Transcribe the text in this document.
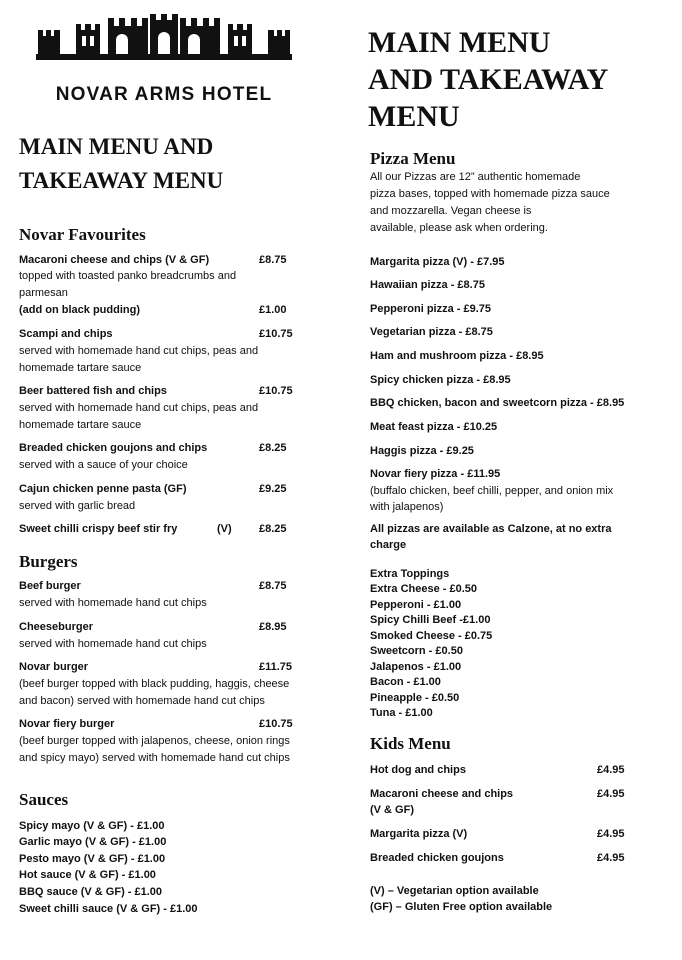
NOVAR ARMS HOTEL
MAIN MENU AND
TAKEAWAY MENU
Novar Favourites
Macaroni cheese and chips (V & GF)	£8.75
topped with toasted panko breadcrumbs and parmesan
(add on black pudding)	£1.00
Scampi and chips	£10.75
served with homemade hand cut chips, peas and homemade tartare sauce
Beer battered fish and chips	£10.75
served with homemade hand cut chips, peas and homemade tartare sauce
Breaded chicken goujons and chips	£8.25
served with a sauce of your choice
Cajun chicken penne pasta (GF)	£9.25
served with garlic bread
Sweet chilli crispy beef stir fry	(V) £8.25
Burgers
Beef burger	£8.75
served with homemade hand cut chips
Cheeseburger	£8.95
served with homemade hand cut chips
Novar burger	£11.75
(beef burger topped with black pudding, haggis, cheese and bacon) served with homemade hand cut chips
Novar fiery burger	£10.75
(beef burger topped with jalapenos, cheese, onion rings and spicy mayo) served with homemade hand cut chips
Sauces
Spicy mayo (V & GF) - £1.00
Garlic mayo (V & GF) - £1.00
Pesto mayo (V & GF) - £1.00
Hot sauce (V & GF) - £1.00
BBQ sauce (V & GF) - £1.00
Sweet chilli sauce (V & GF) - £1.00
MAIN MENU
AND TAKEAWAY
MENU
Pizza Menu
All our Pizzas are 12” authentic homemade
pizza bases, topped with homemade pizza sauce
and mozzarella. Vegan cheese is
available, please ask when ordering.
Margarita pizza (V) - £7.95
Hawaiian pizza - £8.75
Pepperoni pizza - £9.75
Vegetarian pizza - £8.75
Ham and mushroom pizza - £8.95
Spicy chicken pizza - £8.95
BBQ chicken, bacon and sweetcorn pizza - £8.95
Meat feast pizza - £10.25
Haggis pizza - £9.25
Novar fiery pizza - £11.95
(buffalo chicken, beef chilli, pepper, and onion mix
with jalapenos)
All pizzas are available as Calzone, at no extra
charge
Extra Toppings
Extra Cheese - £0.50
Pepperoni - £1.00
Spicy Chilli Beef -£1.00
Smoked Cheese - £0.75
Sweetcorn - £0.50
Jalapenos - £1.00
Bacon - £1.00
Pineapple - £0.50
Tuna - £1.00
Kids Menu
Hot dog and chips	£4.95
Macaroni cheese and chips
(V & GF)
£4.95
Margarita pizza (V)	£4.95
Breaded chicken goujons	£4.95
(V) – Vegetarian option available
(GF) – Gluten Free option available
